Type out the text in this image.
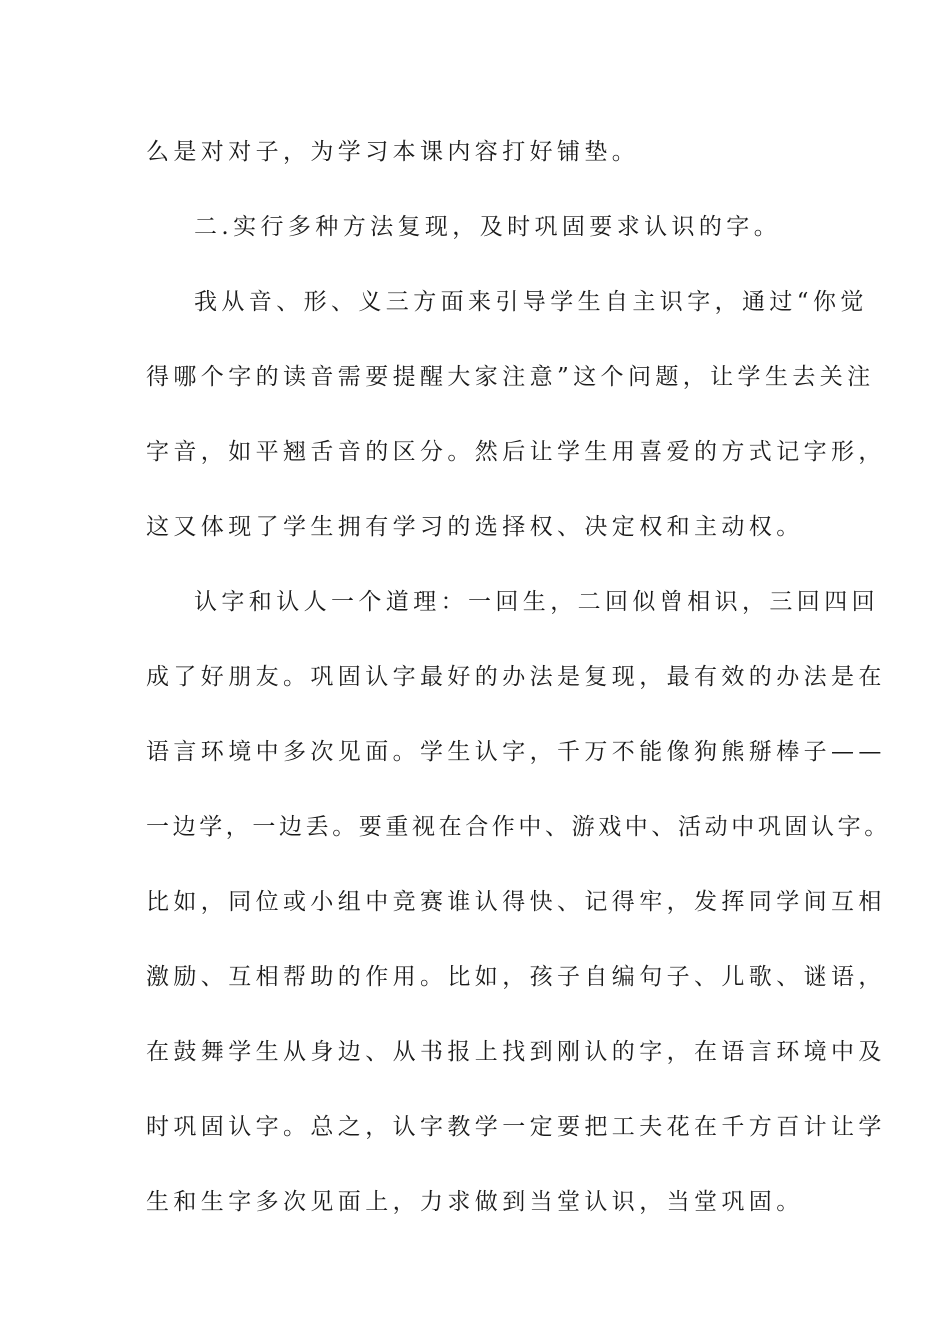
么是对对子，为学习本课内容打好铺垫。
二.实行多种方法复现，及时巩固要求认识的字。
我从音、形、义三方面来引导学生自主识字，通过“你觉
得哪个字的读音需要提醒大家注意”这个问题，让学生去关注
字音，如平翘舌音的区分。然后让学生用喜爱的方式记字形，
这又体现了学生拥有学习的选择权、决定权和主动权。
认字和认人一个道理：一回生，二回似曾相识，三回四回
成了好朋友。巩固认字最好的办法是复现，最有效的办法是在
语言环境中多次见面。学生认字，千万不能像狗熊掰棒子——
一边学，一边丢。要重视在合作中、游戏中、活动中巩固认字。
比如，同位或小组中竞赛谁认得快、记得牢，发挥同学间互相
激励、互相帮助的作用。比如，孩子自编句子、儿歌、谜语，
在鼓舞学生从身边、从书报上找到刚认的字，在语言环境中及
时巩固认字。总之，认字教学一定要把工夫花在千方百计让学
生和生字多次见面上，力求做到当堂认识，当堂巩固。
